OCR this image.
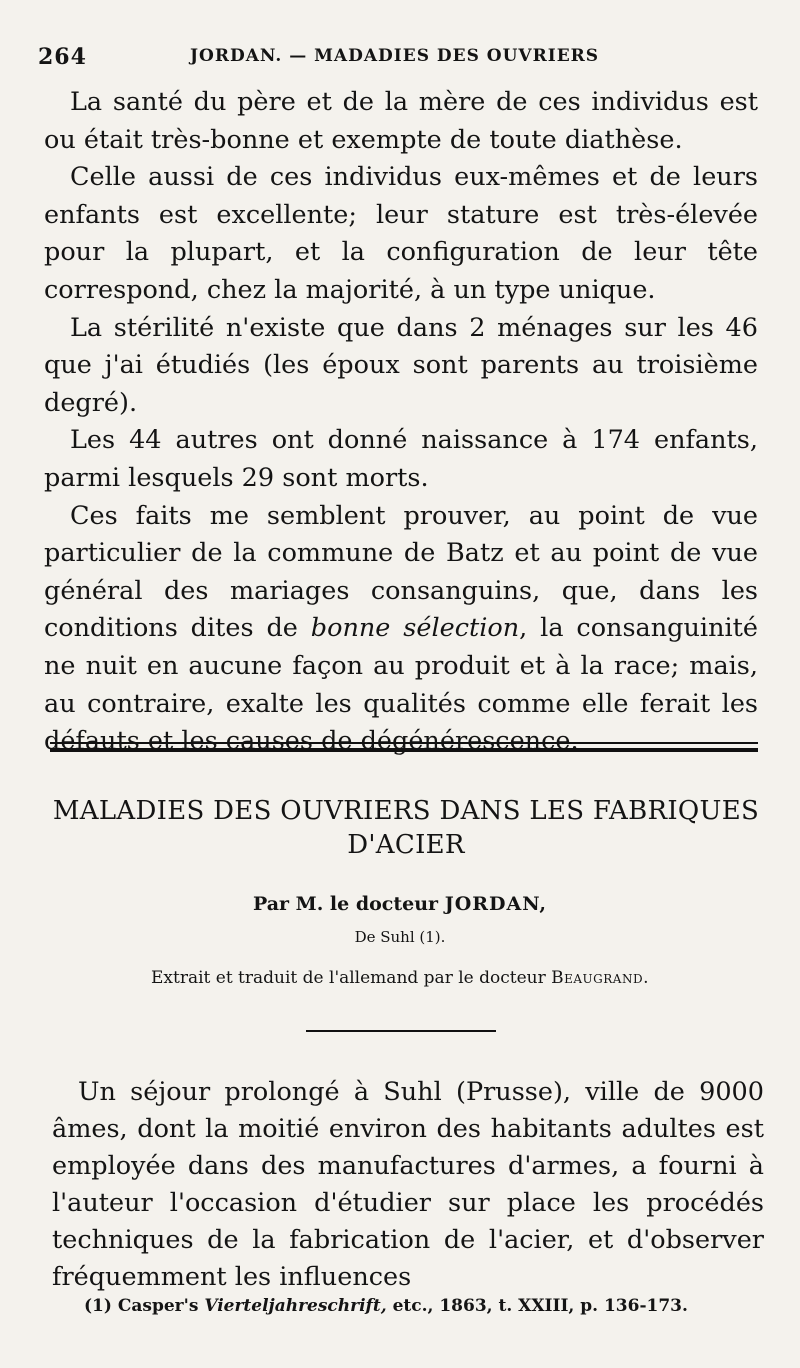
264	JORDAN. — MADADIES DES OUVRIERS

La santé du père et de la mère de ces individus est ou était très-bonne et exempte de toute diathèse.

Celle aussi de ces individus eux-mêmes et de leurs enfants est excellente; leur stature est très-élevée pour la plupart, et la configuration de leur tête correspond, chez la majorité, à un type unique.

La stérilité n'existe que dans 2 ménages sur les 46 que j'ai étudiés (les époux sont parents au troisième degré).

Les 44 autres ont donné naissance à 174 enfants, parmi lesquels 29 sont morts.

Ces faits me semblent prouver, au point de vue particulier de la commune de Batz et au point de vue général des mariages consanguins, que, dans les conditions dites de bonne sélection, la consanguinité ne nuit en aucune façon au produit et à la race; mais, au contraire, exalte les qualités comme elle ferait les défauts et les causes de dégénérescence.

MALADIES DES OUVRIERS DANS LES FABRIQUES
D'ACIER
Par M. le docteur JORDAN,
De Suhl (1).
Extrait et traduit de l'allemand par le docteur Beaugrand.

Un séjour prolongé à Suhl (Prusse), ville de 9000 âmes, dont la moitié environ des habitants adultes est employée dans des manufactures d'armes, a fourni à l'auteur l'occasion d'étudier sur place les procédés techniques de la fabrication de l'acier, et d'observer fréquemment les influences

(1) Casper's Vierteljahreschrift, etc., 1863, t. XXIII, p. 136-173.
